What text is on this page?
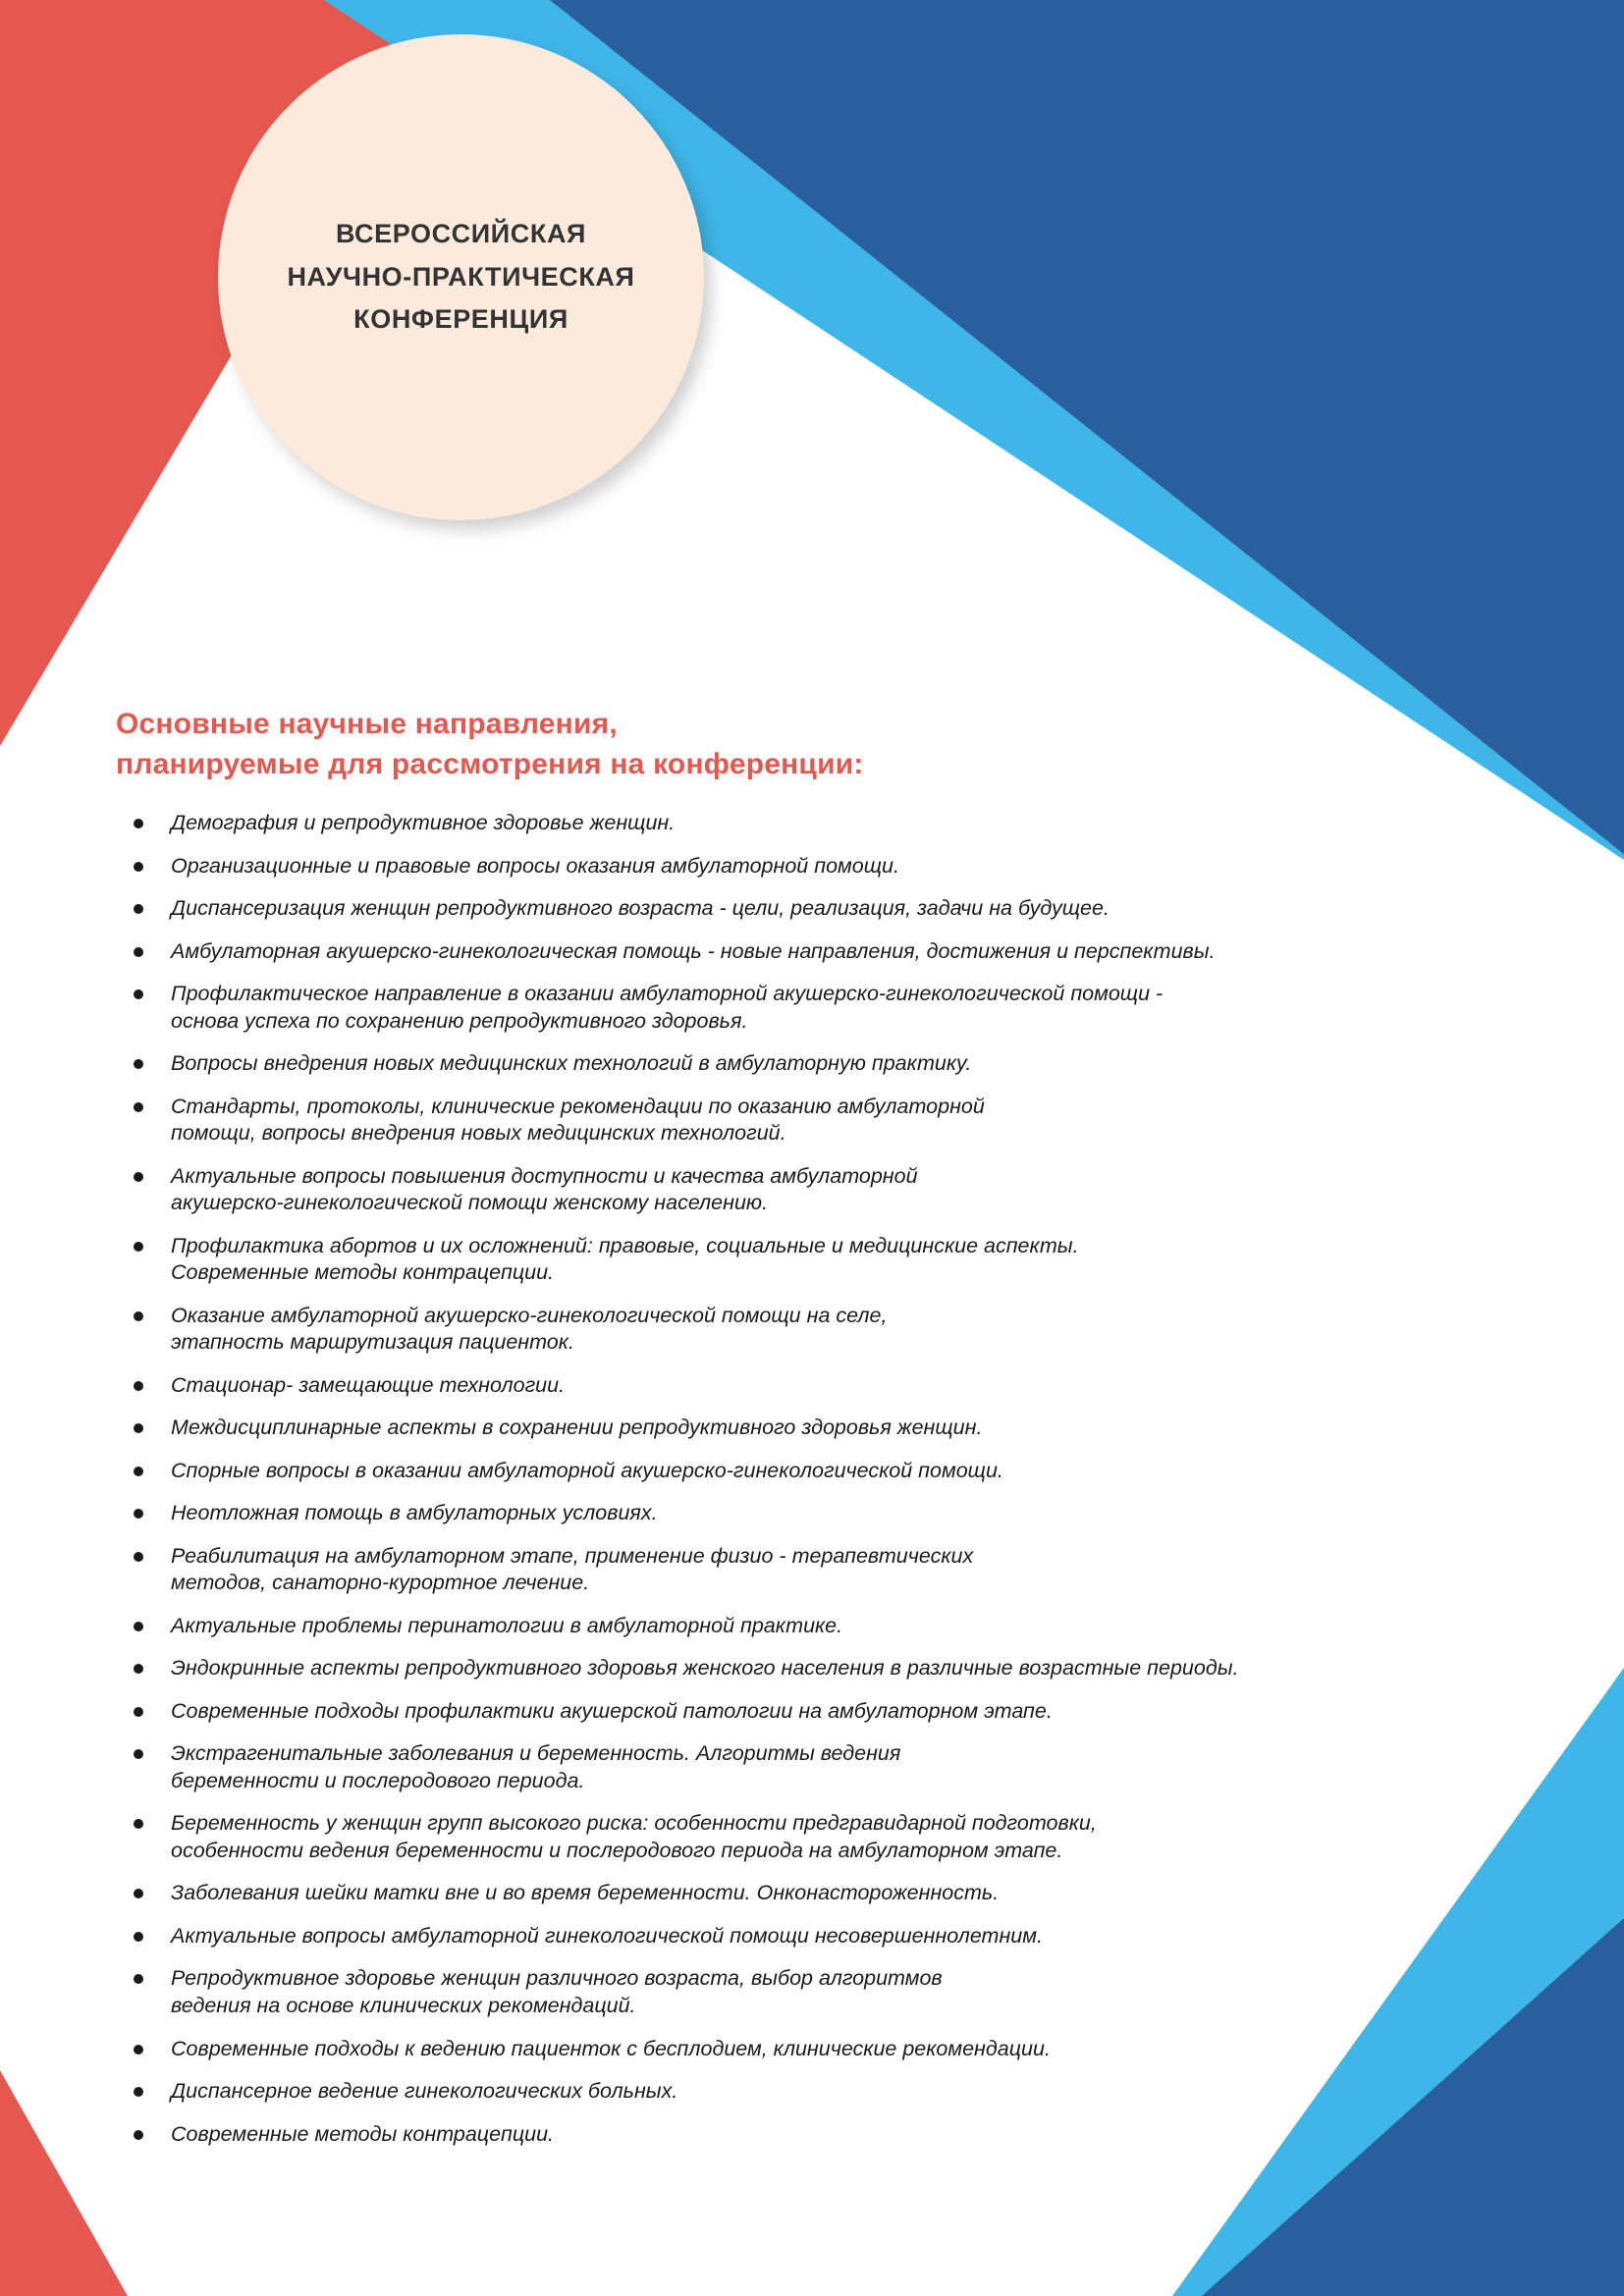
ВСЕРОССИЙСКАЯ
НАУЧНО-ПРАКТИЧЕСКАЯ
КОНФЕРЕНЦИЯ
Основные научные направления,
планируемые для рассмотрения на конференции:
Демография и репродуктивное здоровье женщин.
Организационные и правовые вопросы оказания амбулаторной помощи.
Диспансеризация женщин репродуктивного возраста - цели, реализация, задачи на будущее.
Амбулаторная акушерско-гинекологическая помощь - новые направления, достижения и перспективы.
Профилактическое направление в оказании амбулаторной акушерско-гинекологической помощи -
основа успеха по сохранению репродуктивного здоровья.
Вопросы внедрения новых медицинских технологий в амбулаторную практику.
Стандарты, протоколы, клинические рекомендации по оказанию амбулаторной
помощи, вопросы внедрения новых медицинских технологий.
Актуальные вопросы повышения доступности и качества амбулаторной
акушерско-гинекологической помощи женскому населению.
Профилактика абортов и их осложнений: правовые, социальные и медицинские аспекты.
Современные методы контрацепции.
Оказание амбулаторной акушерско-гинекологической помощи на селе,
этапность маршрутизация пациенток.
Стационар- замещающие технологии.
Междисциплинарные аспекты в сохранении репродуктивного здоровья женщин.
Спорные вопросы в оказании амбулаторной акушерско-гинекологической помощи.
Неотложная помощь в амбулаторных условиях.
Реабилитация на амбулаторном этапе, применение физио - терапевтических
методов, санаторно-курортное лечение.
Актуальные проблемы перинатологии в амбулаторной практике.
Эндокринные аспекты репродуктивного здоровья женского населения в различные возрастные периоды.
Современные подходы профилактики акушерской патологии на амбулаторном этапе.
Экстрагенитальные заболевания и беременность. Алгоритмы ведения
беременности и послеродового периода.
Беременность у женщин групп высокого риска: особенности предгравидарной подготовки,
особенности ведения беременности и послеродового периода на амбулаторном этапе.
Заболевания шейки матки вне и во время беременности. Онконастороженность.
Актуальные вопросы амбулаторной гинекологической помощи несовершеннолетним.
Репродуктивное здоровье женщин различного возраста, выбор алгоритмов
ведения на основе клинических рекомендаций.
Современные подходы к ведению пациенток с бесплодием, клинические рекомендации.
Диспансерное ведение гинекологических больных.
Современные методы контрацепции.
